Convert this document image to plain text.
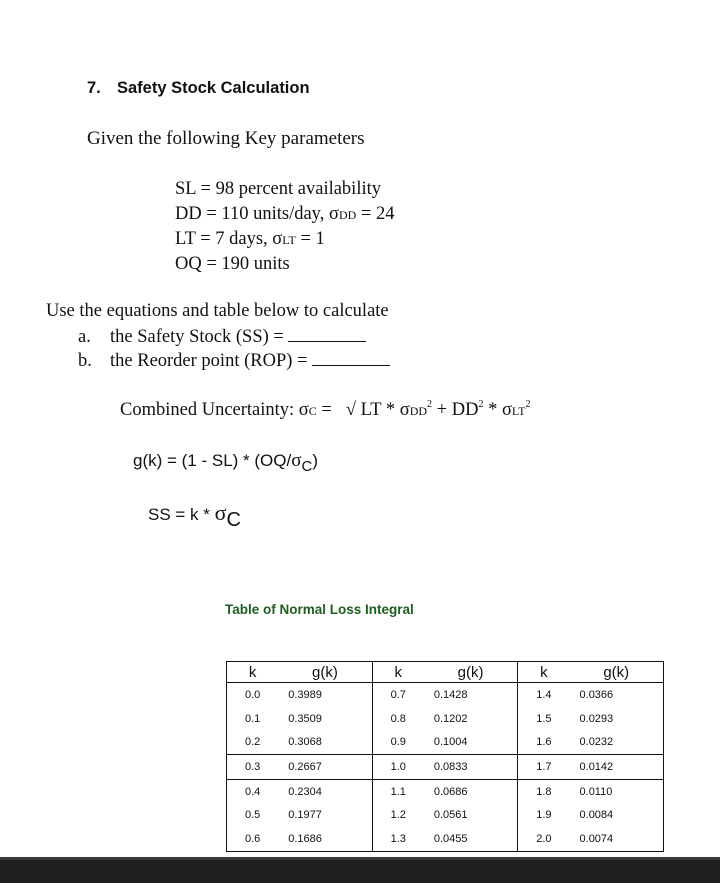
7. Safety Stock Calculation
Given the following Key parameters
SL = 98 percent availability
DD = 110 units/day, σDD = 24
LT = 7 days, σLT = 1
OQ = 190 units
Use the equations and table below to calculate
a. the Safety Stock (SS) =
b. the Reorder point (ROP) =
Combined Uncertainty: σC = √ LT * $\sigma DD^2 + DD^2 * \sigma LT^2$
g(k) = (1 - SL) * (OQ/σC)
SS = k * σC
Table of Normal Loss Integral
k	g(k)	k	g(k)	k	g(k)
0.0	0.3989	0.7	0.1428	1.4	0.0366
0.1	0.3509	0.8	0.1202	1.5	0.0293
0.2	0.3068	0.9	0.1004	1.6	0.0232
0.3	0.2667	1.0	0.0833	1.7	0.0142
0.4	0.2304	1.1	0.0686	1.8	0.0110
0.5	0.1977	1.2	0.0561	1.9	0.0084
0.6	0.1686	1.3	0.0455	2.0	0.0074
